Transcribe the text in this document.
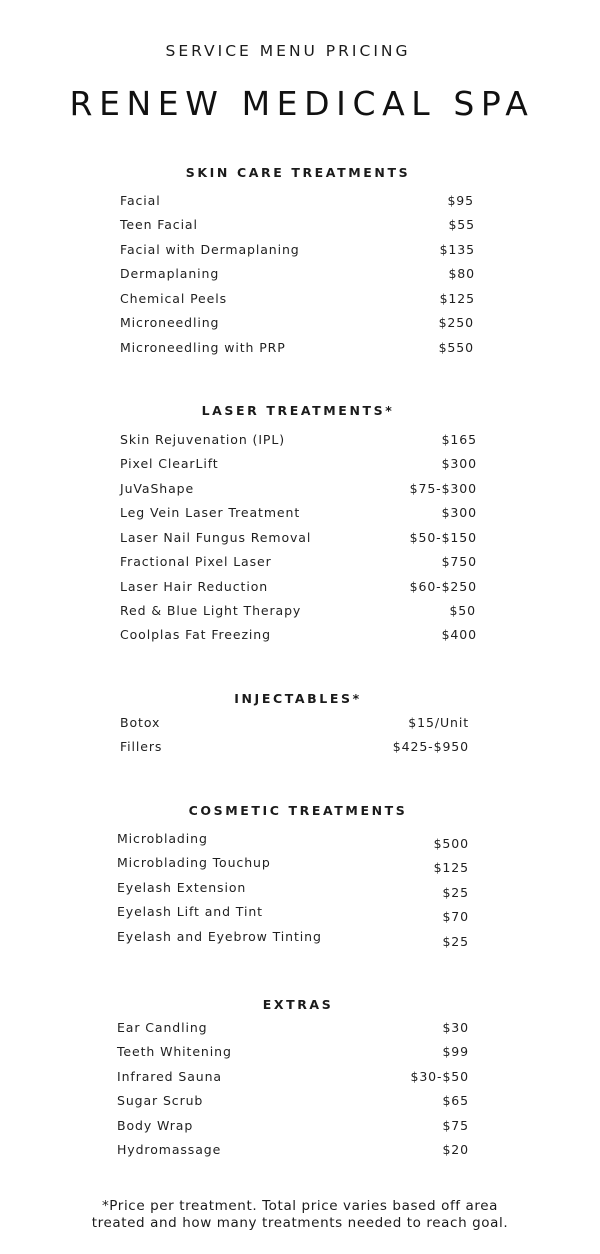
SERVICE MENU PRICING
RENEW MEDICAL SPA
SKIN CARE TREATMENTS
Facial	$95
Teen Facial	$55
Facial with Dermaplaning	$135
Dermaplaning	$80
Chemical Peels	$125
Microneedling	$250
Microneedling with PRP	$550
LASER TREATMENTS*
Skin Rejuvenation (IPL)	$165
Pixel ClearLift	$300
JuVaShape	$75-$300
Leg Vein Laser Treatment	$300
Laser Nail Fungus Removal	$50-$150
Fractional Pixel Laser	$750
Laser Hair Reduction	$60-$250
Red & Blue Light Therapy	$50
Coolplas Fat Freezing	$400
INJECTABLES*
Botox	$15/Unit
Fillers	$425-$950
COSMETIC TREATMENTS
Microblading	$500
Microblading Touchup	$125
Eyelash Extension	$25
Eyelash Lift and Tint	$70
Eyelash and Eyebrow Tinting	$25
EXTRAS
Ear Candling	$30
Teeth Whitening	$99
Infrared Sauna	$30-$50
Sugar Scrub	$65
Body Wrap	$75
Hydromassage	$20
*Price per treatment. Total price varies based off area
treated and how many treatments needed to reach goal.
